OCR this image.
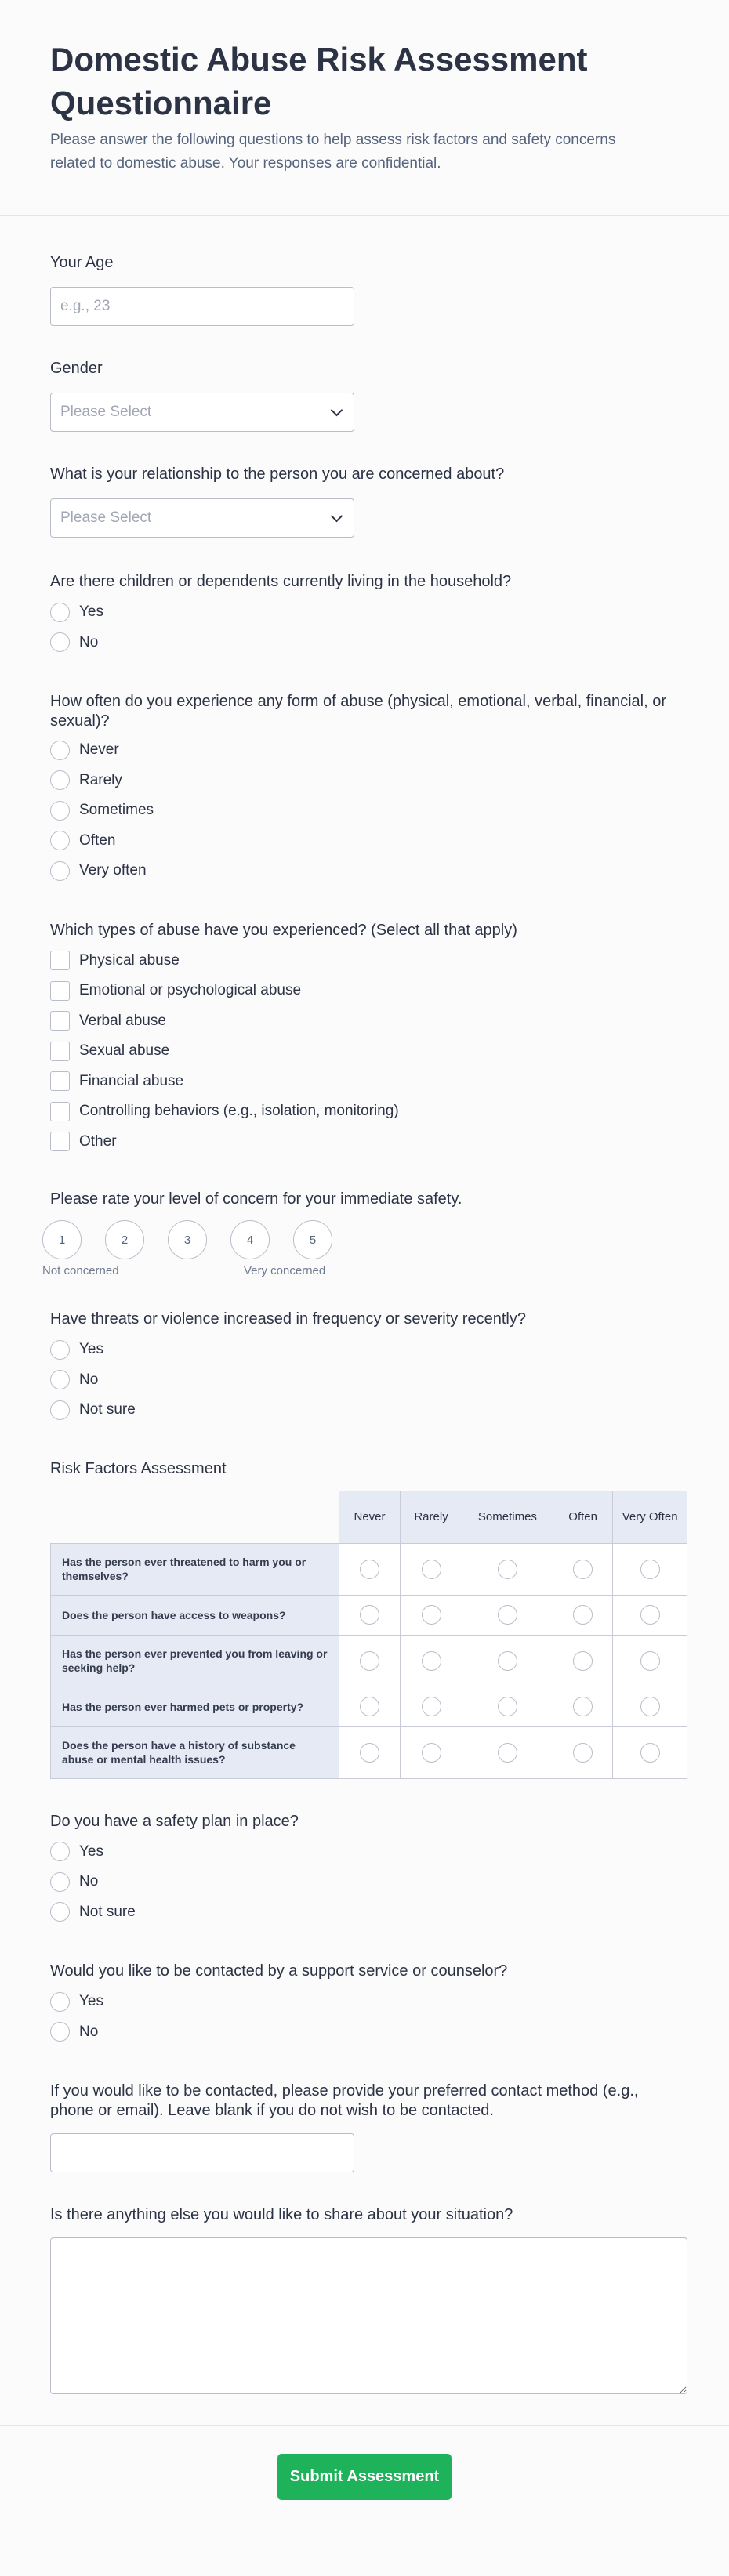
Domestic Abuse Risk Assessment Questionnaire

Please answer the following questions to help assess risk factors and safety concerns related to domestic abuse. Your responses are confidential.

Your Age
e.g., 23
Gender
Please Select
What is your relationship to the person you are concerned about?
Please Select
Are there children or dependents currently living in the household?
Yes
No
How often do you experience any form of abuse (physical, emotional, verbal, financial, or sexual)?
Never
Rarely
Sometimes
Often
Very often
Which types of abuse have you experienced? (Select all that apply)
Physical abuse
Emotional or psychological abuse
Verbal abuse
Sexual abuse
Financial abuse
Controlling behaviors (e.g., isolation, monitoring)
Other
Please rate your level of concern for your immediate safety.
1	2	3	4	5
Not concerned	Very concerned
Have threats or violence increased in frequency or severity recently?
Yes
No
Not sure
Risk Factors Assessment
	Never	Rarely	Sometimes	Often	Very Often
Has the person ever threatened to harm you or themselves?					
Does the person have access to weapons?					
Has the person ever prevented you from leaving or seeking help?					
Has the person ever harmed pets or property?					
Does the person have a history of substance abuse or mental health issues?					
Do you have a safety plan in place?
Yes
No
Not sure
Would you like to be contacted by a support service or counselor?
Yes
No
If you would like to be contacted, please provide your preferred contact method (e.g., phone or email). Leave blank if you do not wish to be contacted.
Is there anything else you would like to share about your situation?
Submit Assessment
